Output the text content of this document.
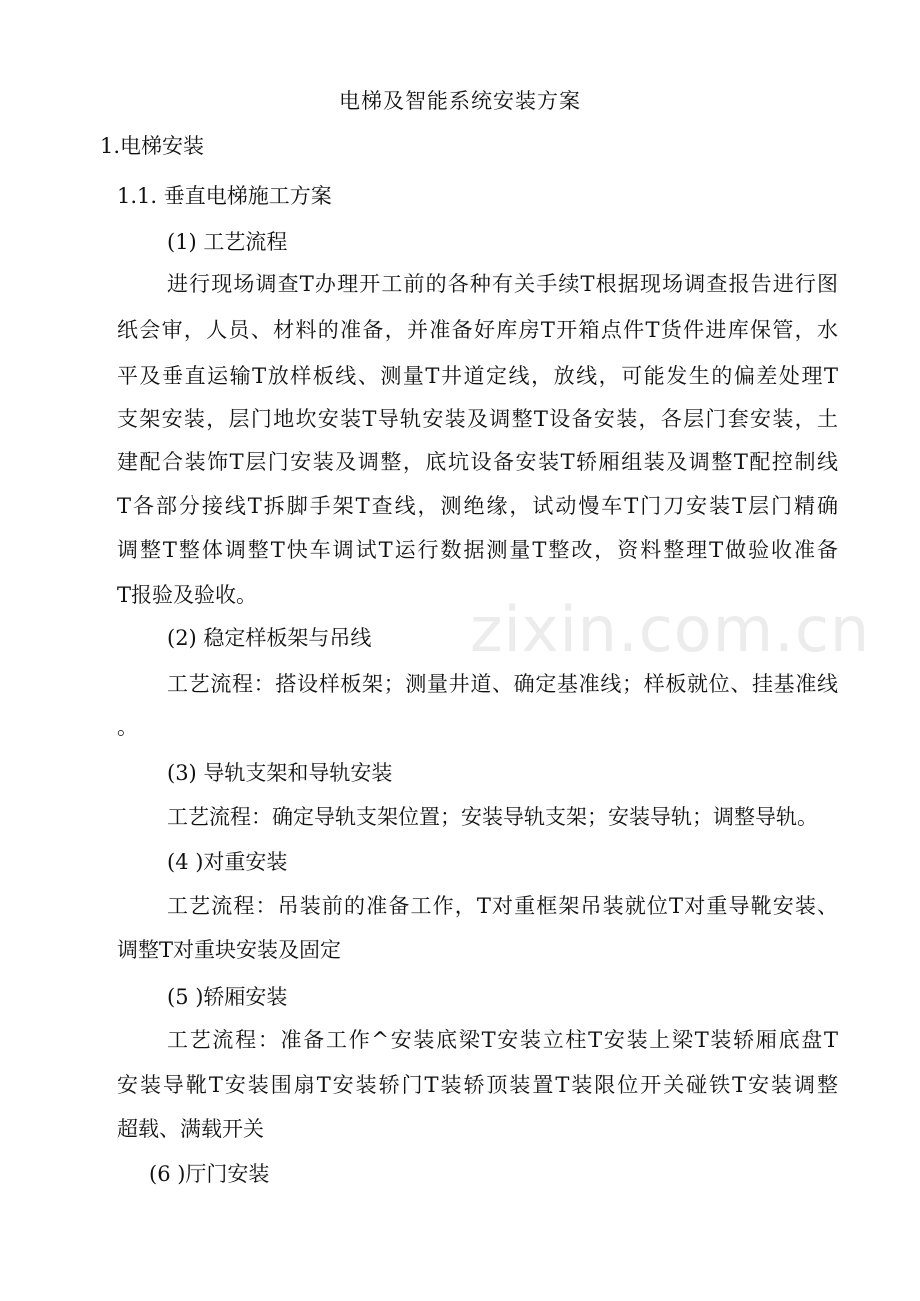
zixin.com.cn
电梯及智能系统安装方案
1.电梯安装
1.1. 垂直电梯施工方案
(1) 工艺流程
进行现场调查T办理开工前的各种有关手续T根据现场调查报告进行图
纸会审，人员、材料的准备，并准备好库房T开箱点件T货件进库保管，水
平及垂直运输T放样板线、测量T井道定线，放线，可能发生的偏差处理T
支架安装，层门地坎安装T导轨安装及调整T设备安装，各层门套安装，土
建配合装饰T层门安装及调整，底坑设备安装T轿厢组装及调整T配控制线
T各部分接线T拆脚手架T查线，测绝缘，试动慢车T门刀安装T层门精确
调整T整体调整T快车调试T运行数据测量T整改，资料整理T做验收准备
T报验及验收。
(2) 稳定样板架与吊线
工艺流程：搭设样板架；测量井道、确定基准线；样板就位、挂基准线
。
(3) 导轨支架和导轨安装
工艺流程：确定导轨支架位置；安装导轨支架；安装导轨；调整导轨。
(4 )对重安装
工艺流程：吊装前的准备工作，T对重框架吊装就位T对重导靴安装、
调整T对重块安装及固定
(5 )轿厢安装
工艺流程：准备工作^安装底梁T安装立柱T安装上梁T装轿厢底盘T
安装导靴T安装围扇T安装轿门T装轿顶装置T装限位开关碰铁T安装调整
超载、满载开关
(6 )厅门安装
